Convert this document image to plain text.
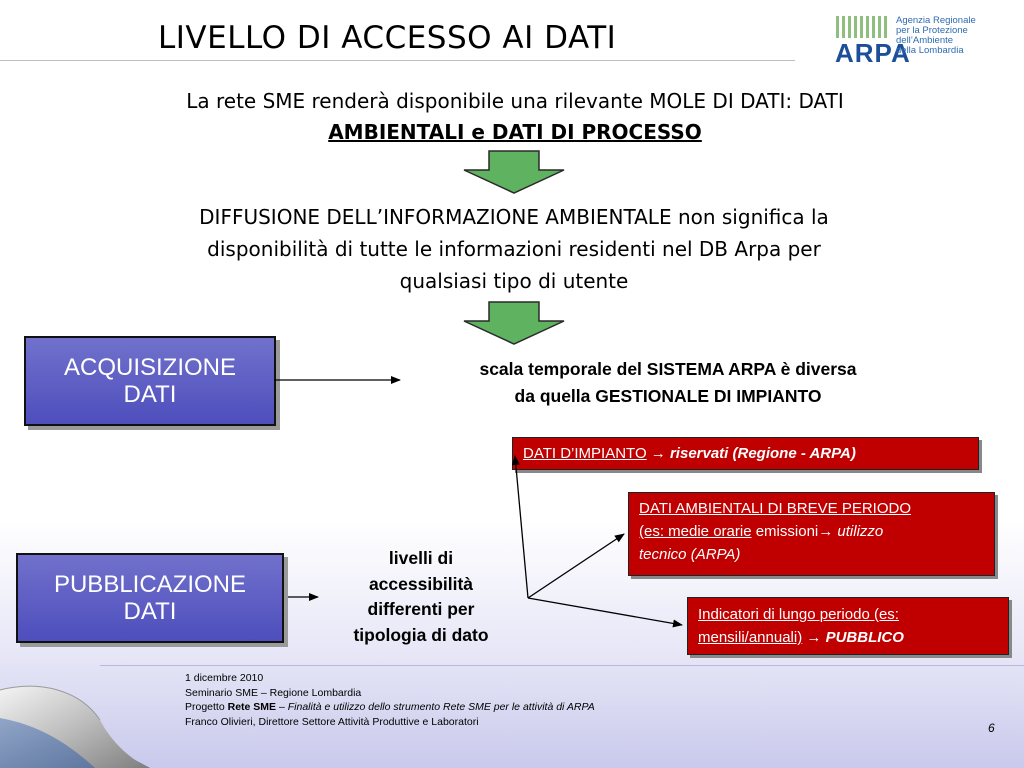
LIVELLO DI ACCESSO AI DATI	ARPA
Agenzia Regionale
per la Protezione dell’Ambiente
della Lombardia
La rete SME renderà disponibile una rilevante MOLE DI DATI: DATI
AMBIENTALI e DATI DI PROCESSO
DIFFUSIONE DELL’INFORMAZIONE AMBIENTALE non significa la
disponibilità di tutte le informazioni residenti nel DB Arpa per
qualsiasi tipo di utente
ACQUISIZIONE
DATI
scala temporale del SISTEMA ARPA è diversa
da quella GESTIONALE DI IMPIANTO
PUBBLICAZIONE
DATI
livelli di
accessibilità
differenti per
tipologia di dato
DATI D’IMPIANTO → riservati (Regione - ARPA)
DATI AMBIENTALI DI BREVE PERIODO
(es: medie orarie emissioni→ utilizzo
tecnico (ARPA)
Indicatori di lungo periodo (es:
mensili/annuali) → PUBBLICO
1 dicembre 2010
Seminario SME – Regione Lombardia
Progetto Rete SME – Finalità e utilizzo dello strumento Rete SME per le attività di ARPA
Franco Olivieri, Direttore Settore Attività Produttive e Laboratori	6
